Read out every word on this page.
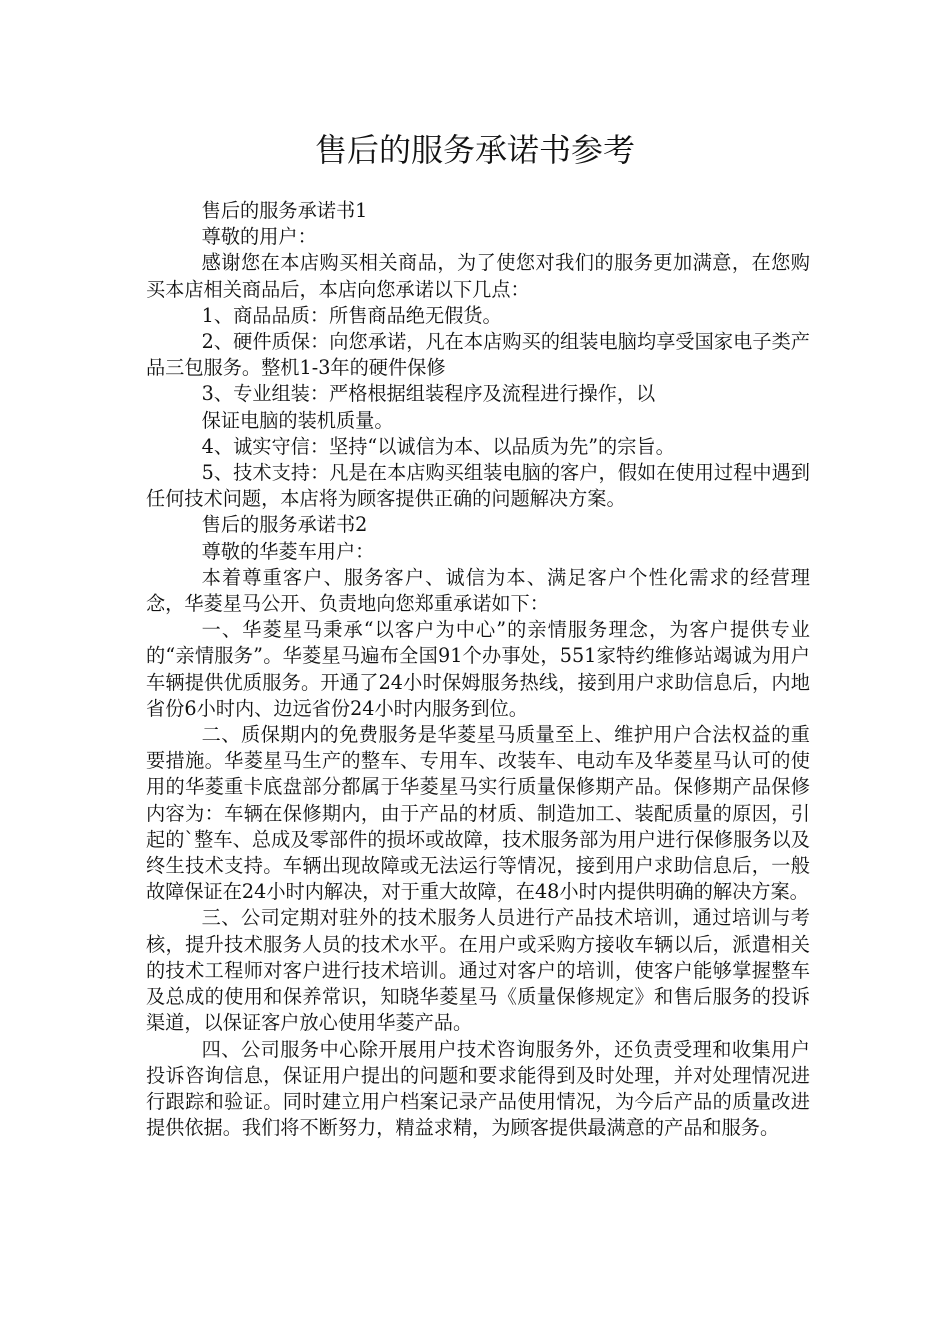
售后的服务承诺书参考

售后的服务承诺书1

尊敬的用户：

感谢您在本店购买相关商品，为了使您对我们的服务更加满意，在您购买本店相关商品后，本店向您承诺以下几点：

1、商品品质：所售商品绝无假货。

2、硬件质保：向您承诺，凡在本店购买的组装电脑均享受国家电子类产品三包服务。整机1-3年的硬件保修

3、专业组装：严格根据组装程序及流程进行操作，以

保证电脑的装机质量。

4、诚实守信：坚持“以诚信为本、以品质为先”的宗旨。

5、技术支持：凡是在本店购买组装电脑的客户，假如在使用过程中遇到任何技术问题，本店将为顾客提供正确的问题解决方案。

售后的服务承诺书2

尊敬的华菱车用户：

本着尊重客户、服务客户、诚信为本、满足客户个性化需求的经营理念，华菱星马公开、负责地向您郑重承诺如下：

一、华菱星马秉承“以客户为中心”的亲情服务理念，为客户提供专业的“亲情服务”。华菱星马遍布全国91个办事处，551家特约维修站竭诚为用户车辆提供优质服务。开通了24小时保姆服务热线，接到用户求助信息后，内地省份6小时内、边远省份24小时内服务到位。

二、质保期内的免费服务是华菱星马质量至上、维护用户合法权益的重要措施。华菱星马生产的整车、专用车、改装车、电动车及华菱星马认可的使用的华菱重卡底盘部分都属于华菱星马实行质量保修期产品。保修期产品保修内容为：车辆在保修期内，由于产品的材质、制造加工、装配质量的原因，引起的`整车、总成及零部件的损坏或故障，技术服务部为用户进行保修服务以及终生技术支持。车辆出现故障或无法运行等情况，接到用户求助信息后，一般故障保证在24小时内解决，对于重大故障，在48小时内提供明确的解决方案。

三、公司定期对驻外的技术服务人员进行产品技术培训，通过培训与考核，提升技术服务人员的技术水平。在用户或采购方接收车辆以后，派遣相关的技术工程师对客户进行技术培训。通过对客户的培训，使客户能够掌握整车及总成的使用和保养常识，知晓华菱星马《质量保修规定》和售后服务的投诉渠道，以保证客户放心使用华菱产品。

四、公司服务中心除开展用户技术咨询服务外，还负责受理和收集用户投诉咨询信息，保证用户提出的问题和要求能得到及时处理，并对处理情况进行跟踪和验证。同时建立用户档案记录产品使用情况，为今后产品的质量改进提供依据。我们将不断努力，精益求精，为顾客提供最满意的产品和服务。
